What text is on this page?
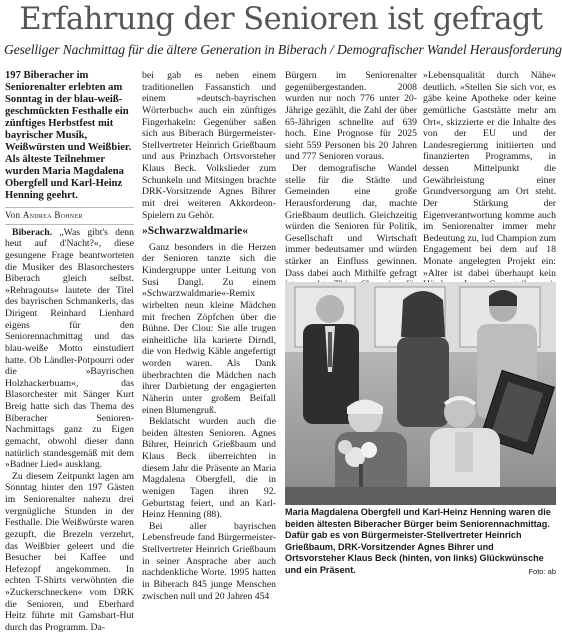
Erfahrung der Senioren ist gefragt
Geselliger Nachmittag für die ältere Generation in Biberach / Demografischer Wandel Herausforderung
197 Biberacher im Seniorenalter erlebten am Sonntag in der blau-weiß-geschmückten Festhalle ein zünftiges Herbstfest mit bayrischer Musik, Weißwürsten und Weißbier. Als älteste Teilnehmer wurden Maria Magdalena Obergfell und Karl-Heinz Henning geehrt.
Von Andrea Bohner

Biberach. „Was gibt's denn heut auf d'Nacht?«, diese gesungene Frage beantworteten die Musiker des Blasorchesters Biberach gleich selbst. »Rehragouts« lautete der Titel des bayrischen Schmankerls, das Dirigent Reinhard Lienhard eigens für den Seniorennachmittag und das blau-weiße Motto einstudiert hatte. Ob Ländler-Potpourri oder die »Bayrischen Holzhackerbuam«, das Blasorchester mit Sänger Kurt Breig hatte sich das Thema des Biberacher Senioren-Nachmittags ganz zu Eigen gemacht, obwohl dieser dann natürlich standesgemäß mit dem »Badner Lied« ausklang.

Zu diesem Zeitpunkt lagen am Sonntag hinter den 197 Gästen im Seniorenalter nahezu drei vergnügliche Stunden in der Festhalle. Die Weißwürste waren gezupft, die Brezeln verzehrt, das Weißbier geleert und die Besucher bei Kaffee und Hefezopf angekommen. In echten T-Shirts verwöhnten die »Zuckerschnecken« vom DRK die Senioren, und Eberhard Heitz führte mit Gamsbart-Hut durch das Programm. Da-

bei gab es neben einem traditionellen Fassanstich und einem »deutsch-bayrischen Wörterbuch« auch ein zünftiges Fingerhakeln: Gegenüber saßen sich aus Biberach Bürgermeister-Stellvertreter Heinrich Grießbaum und aus Prinzbach Ortsvorsteher Klaus Beck. Volkslieder zum Schunkeln und Mitsingen brachte DRK-Vorsitzende Agnes Bihrer mit drei weiteren Akkordeon-Spielern zu Gehör.

»Schwarzwaldmarie«

Ganz besonders in die Herzen der Senioren tanzte sich die Kindergruppe unter Leitung von Susi Dangl. Zu einem »Schwarzwaldmarie«-Remix wirbelten neun kleine Mädchen mit frechen Zöpfchen über die Bühne. Der Clou: Sie alle trugen einheitliche lila karierte Dirndl, die von Hedwig Käble angefertigt worden waren. Als Dank überbrachten die Mädchen nach ihrer Darbietung der engagierten Näherin unter großem Beifall einen Blumengruß.

Beklatscht wurden auch die beiden ältesten Senioren. Agnes Bihrer, Heinrich Grießbaum und Klaus Beck überreichten in diesem Jahr die Präsente an Maria Magdalena Obergfell, die in wenigen Tagen ihren 92. Geburtstag feiert, und an Karl-Heinz Henning (88).

Bei aller bayrischen Lebensfreude fand Bürgermeister-Stellvertreter Heinrich Grießbaum in seiner Ansprache aber auch nachdenkliche Worte. 1995 hatten in Biberach 845 junge Menschen zwischen null und 20 Jahren 454

Bürgern im Seniorenalter gegenübergestanden. 2008 wurden nur noch 776 unter 20-Jährige gezählt, die Zahl der über 65-Jährigen schnellte auf 639 hoch. Eine Prognose für 2025 sieht 559 Personen bis 20 Jahren und 777 Senioren voraus.

Der demografische Wandel stelle für die Städte und Gemeinden eine große Herausforderung dar, machte Grießbaum deutlich. Gleichzeitig würden die Senioren für Politik, Gesellschaft und Wirtschaft immer bedeutsamer und würden stärker an Einfluss gewinnen. Dass dabei auch Mithilfe gefragt

»Lebensqualität durch Nähe« deutlich. »Stellen Sie sich vor, es gäbe keine Apotheke oder keine gemütliche Gaststätte mehr am Ort«, skizzierte er die Inhalte des von der EU und der Landesregierung initiierten und finanzierten Programms, in dessen Mittelpunkt die Gewährleistung einer Grundversorgung am Ort steht. Der Stärkung der Eigenverantwortung komme auch im Seniorenalter immer mehr Bedeutung zu, lud Champion zum Engagement bei dem auf 18 Monate angelegten Projekt ein: »Alter ist dabei überhaupt kein

Maria Magdalena Obergfell und Karl-Heinz Henning waren die beiden ältesten Biberacher Bürger beim Seniorennachmittag. Dafür gab es von Bürgermeister-Stellvertreter Heinrich Grießbaum, DRK-Vorsitzender Agnes Bihrer und Ortsvorsteher Klaus Beck (hinten, von links) Glückwünsche und ein Präsent.	Foto: ab
